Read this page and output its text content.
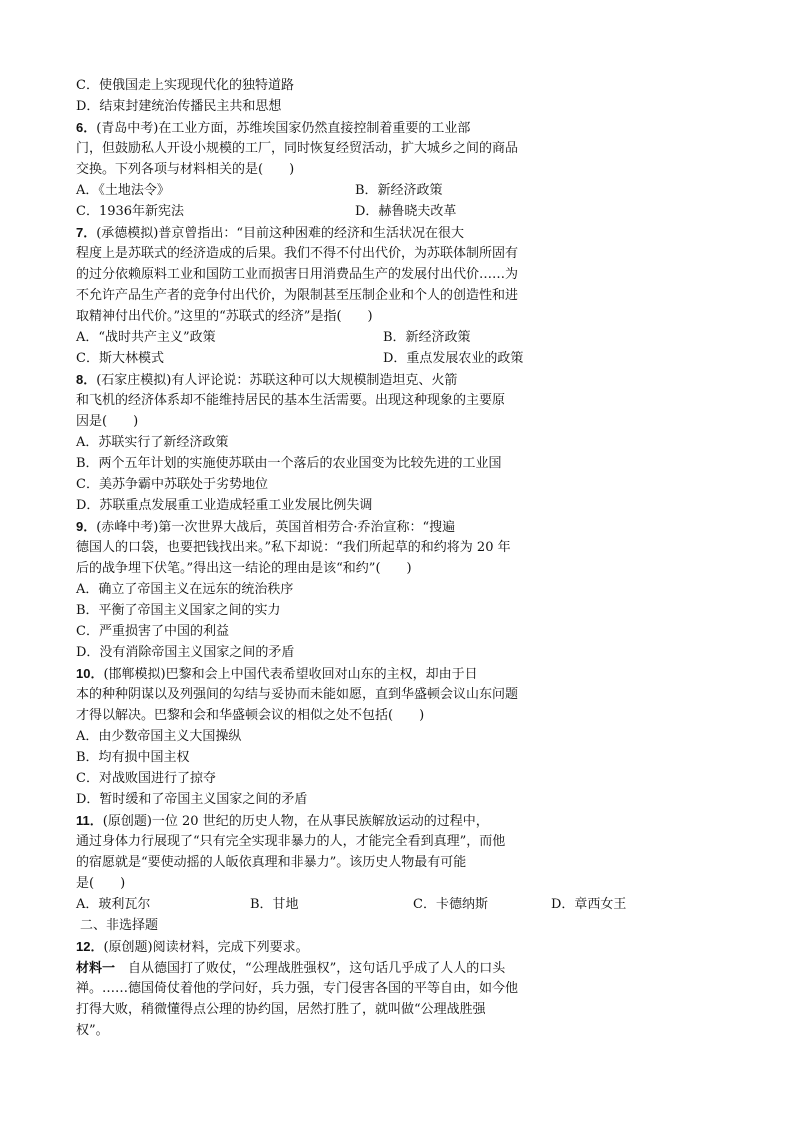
C．使俄国走上实现现代化的独特道路
D．结束封建统治传播民主共和思想
6．(青岛中考)在工业方面，苏维埃国家仍然直接控制着重要的工业部
门，但鼓励私人开设小规模的工厂，同时恢复经贸活动，扩大城乡之间的商品
交换。下列各项与材料相关的是(　　)
A．《土地法令》	B．新经济政策
C．1936年新宪法	D．赫鲁晓夫改革
7．(承德模拟)普京曾指出：“目前这种困难的经济和生活状况在很大
程度上是苏联式的经济造成的后果。我们不得不付出代价，为苏联体制所固有
的过分依赖原料工业和国防工业而损害日用消费品生产的发展付出代价……为
不允许产品生产者的竞争付出代价，为限制甚至压制企业和个人的创造性和进
取精神付出代价。”这里的“苏联式的经济”是指(　　)
A．“战时共产主义”政策	B．新经济政策
C．斯大林模式	D．重点发展农业的政策
8．(石家庄模拟)有人评论说：苏联这种可以大规模制造坦克、火箭
和飞机的经济体系却不能维持居民的基本生活需要。出现这种现象的主要原
因是(　　)
A．苏联实行了新经济政策
B．两个五年计划的实施使苏联由一个落后的农业国变为比较先进的工业国
C．美苏争霸中苏联处于劣势地位
D．苏联重点发展重工业造成轻重工业发展比例失调
9．(赤峰中考)第一次世界大战后，英国首相劳合·乔治宣称：“搜遍
德国人的口袋，也要把钱找出来。”私下却说：“我们所起草的和约将为 20 年
后的战争埋下伏笔。”得出这一结论的理由是该“和约”(　　)
A．确立了帝国主义在远东的统治秩序
B．平衡了帝国主义国家之间的实力
C．严重损害了中国的利益
D．没有消除帝国主义国家之间的矛盾
10．(邯郸模拟)巴黎和会上中国代表希望收回对山东的主权，却由于日
本的种种阴谋以及列强间的勾结与妥协而未能如愿，直到华盛顿会议山东问题
才得以解决。巴黎和会和华盛顿会议的相似之处不包括(　　)
A．由少数帝国主义大国操纵
B．均有损中国主权
C．对战败国进行了掠夺
D．暂时缓和了帝国主义国家之间的矛盾
11．(原创题)一位 20 世纪的历史人物，在从事民族解放运动的过程中，
通过身体力行展现了“只有完全实现非暴力的人，才能完全看到真理”，而他
的宿愿就是“要使动摇的人皈依真理和非暴力”。该历史人物最有可能
是(　　)
A．玻利瓦尔	B．甘地	C．卡德纳斯	D．章西女王
二、非选择题
12．(原创题)阅读材料，完成下列要求。
材料一　自从德国打了败仗，“公理战胜强权”，这句话几乎成了人人的口头
禅。……德国倚仗着他的学问好，兵力强，专门侵害各国的平等自由，如今他
打得大败，稍微懂得点公理的协约国，居然打胜了，就叫做“公理战胜强
权”。
